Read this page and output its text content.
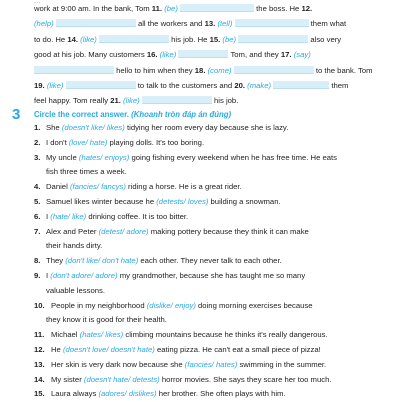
...
work at 9:00 am. In the bank, Tom 11. (be)	the boss. He 12.
(help)	all the workers and 13. (tell)	them what
to do. He 14. (like)	his job. He 15. (be)	also very
good at his job. Many customers 16. (like)	Tom, and they 17. (say)
hello to him when they 18. (come)	to the bank. Tom
19. (like)	to talk to the customers and 20. (make)	them
feel happy. Tom really 21. (like)	his job.
3 Circle the correct answer. (Khoanh tròn đáp án đúng)
1. She (doesn't like/ likes) tidying her room every day because she is lazy.
2. I don't (love/ hate) playing dolls. It's too boring.
3. My uncle (hates/ enjoys) going fishing every weekend when he has free time. He eats
fish three times a week.
4. Daniel (fancies/ fancys) riding a horse. He is a great rider.
5. Samuel likes winter because he (detests/ loves) building a snowman.
6. I (hate/ like) drinking coffee. It is too bitter.
7. Alex and Peter (detest/ adore) making pottery because they think it can make
their hands dirty.
8. They (don't like/ don't hate) each other. They never talk to each other.
9. I (don't adore/ adore) my grandmother, because she has taught me so many
valuable lessons.
10. People in my neighborhood (dislike/ enjoy) doing morning exercises because
they know it is good for their health.
11. Michael (hates/ likes) climbing mountains because he thinks it's really dangerous.
12. He (doesn't love/ doesn't hate) eating pizza. He can't eat a small piece of pizza!
13. Her skin is very dark now because she (fancies/ hates) swimming in the summer.
14. My sister (doesn't hate/ detests) horror movies. She says they scare her too much.
15. Laura always (adores/ dislikes) her brother. She often plays with him.
